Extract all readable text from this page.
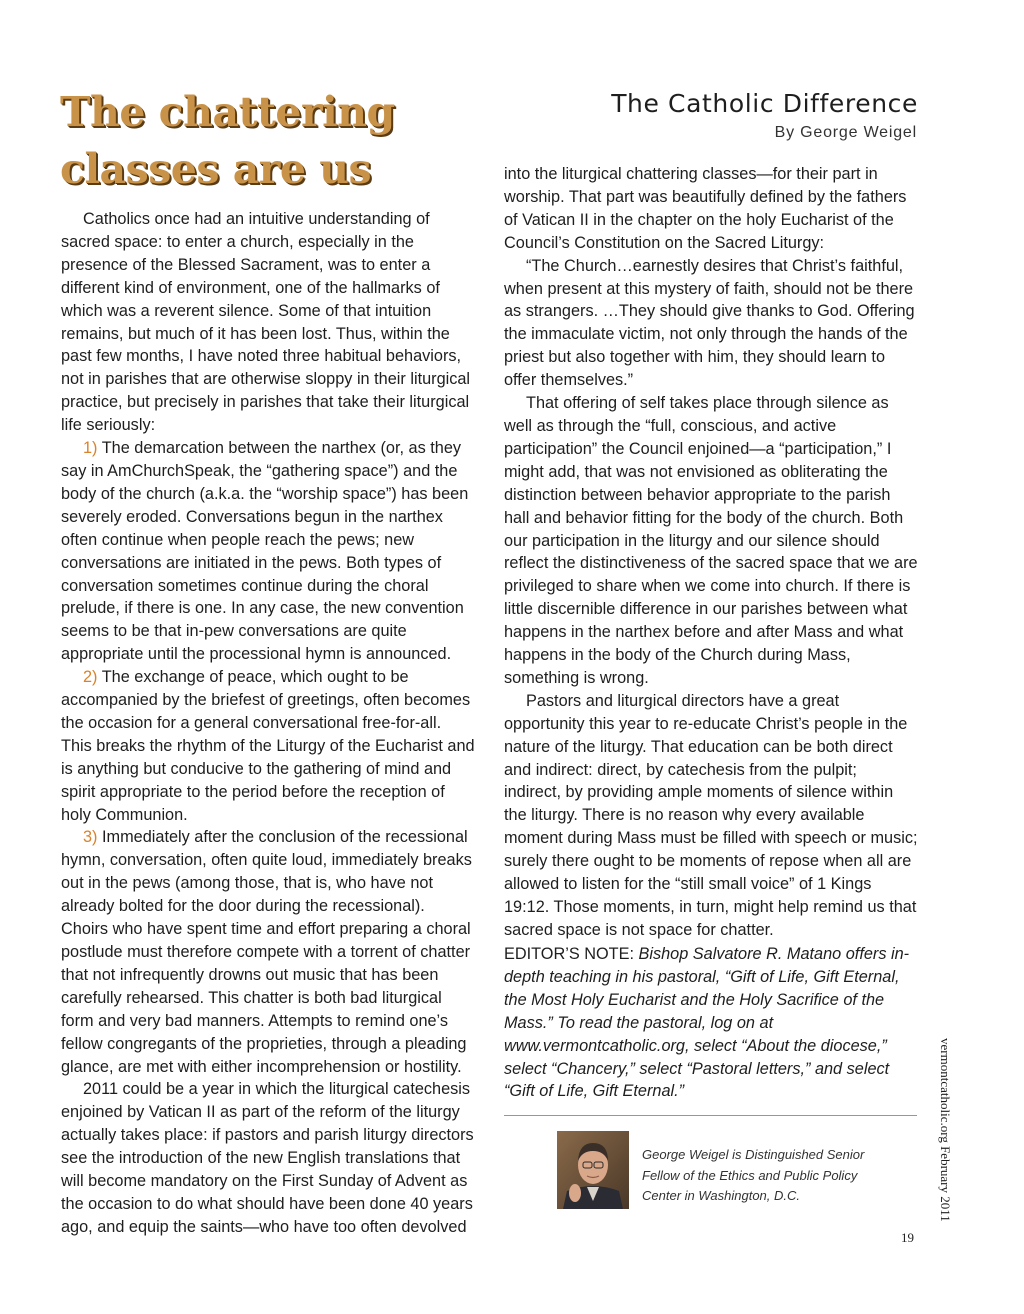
The chattering
classes are us
The Catholic Difference
By George Weigel

Catholics once had an intuitive understanding of sacred space: to enter a church, especially in the presence of the Blessed Sacrament, was to enter a different kind of environment, one of the hallmarks of which was a reverent silence. Some of that intuition remains, but much of it has been lost. Thus, within the past few months, I have noted three habitual behaviors, not in parishes that are otherwise sloppy in their liturgical practice, but precisely in parishes that take their liturgical life seriously:

1) The demarcation between the narthex (or, as they say in AmChurchSpeak, the “gathering space”) and the body of the church (a.k.a. the “worship space”) has been severely eroded. Conversations begun in the narthex often continue when people reach the pews; new conversations are initiated in the pews. Both types of conversation sometimes continue during the choral prelude, if there is one. In any case, the new convention seems to be that in-pew conversations are quite appropriate until the processional hymn is announced.

2) The exchange of peace, which ought to be accompanied by the briefest of greetings, often becomes the occasion for a general conversational free-for-all. This breaks the rhythm of the Liturgy of the Eucharist and is anything but conducive to the gathering of mind and spirit appropriate to the period before the reception of holy Communion.

3) Immediately after the conclusion of the recessional hymn, conversation, often quite loud, immediately breaks out in the pews (among those, that is, who have not already bolted for the door during the recessional). Choirs who have spent time and effort preparing a choral postlude must therefore compete with a torrent of chatter that not infrequently drowns out music that has been carefully rehearsed. This chatter is both bad liturgical form and very bad manners. Attempts to remind one’s fellow congregants of the proprieties, through a pleading glance, are met with either incomprehension or hostility.

2011 could be a year in which the liturgical catechesis enjoined by Vatican II as part of the reform of the liturgy actually takes place: if pastors and parish liturgy directors see the introduction of the new English translations that will become mandatory on the First Sunday of Advent as the occasion to do what should have been done 40 years ago, and equip the saints—who have too often devolved

into the liturgical chattering classes—for their part in worship. That part was beautifully defined by the fathers of Vatican II in the chapter on the holy Eucharist of the Council’s Constitution on the Sacred Liturgy:

“The Church…earnestly desires that Christ’s faithful, when present at this mystery of faith, should not be there as strangers. …They should give thanks to God. Offering the immaculate victim, not only through the hands of the priest but also together with him, they should learn to offer themselves.”

That offering of self takes place through silence as well as through the “full, conscious, and active participation” the Council enjoined—a “participation,” I might add, that was not envisioned as obliterating the distinction between behavior appropriate to the parish hall and behavior fitting for the body of the church. Both our participation in the liturgy and our silence should reflect the distinctiveness of the sacred space that we are privileged to share when we come into church. If there is little discernible difference in our parishes between what happens in the narthex before and after Mass and what happens in the body of the Church during Mass, something is wrong.

Pastors and liturgical directors have a great opportunity this year to re-educate Christ’s people in the nature of the liturgy. That education can be both direct and indirect: direct, by catechesis from the pulpit; indirect, by providing ample moments of silence within the liturgy. There is no reason why every available moment during Mass must be filled with speech or music; surely there ought to be moments of repose when all are allowed to listen for the “still small voice” of 1 Kings 19:12. Those moments, in turn, might help remind us that sacred space is not space for chatter.

EDITOR’S NOTE: Bishop Salvatore R. Matano offers in-depth teaching in his pastoral, “Gift of Life, Gift Eternal, the Most Holy Eucharist and the Holy Sacrifice of the Mass.” To read the pastoral, log on at www.vermontcatholic.org, select “About the diocese,” select “Chancery,” select “Pastoral letters,” and select “Gift of Life, Gift Eternal.”
George Weigel is Distinguished Senior Fellow of the Ethics and Public Policy Center in Washington, D.C.	vermontcatholic.org February 2011
19
